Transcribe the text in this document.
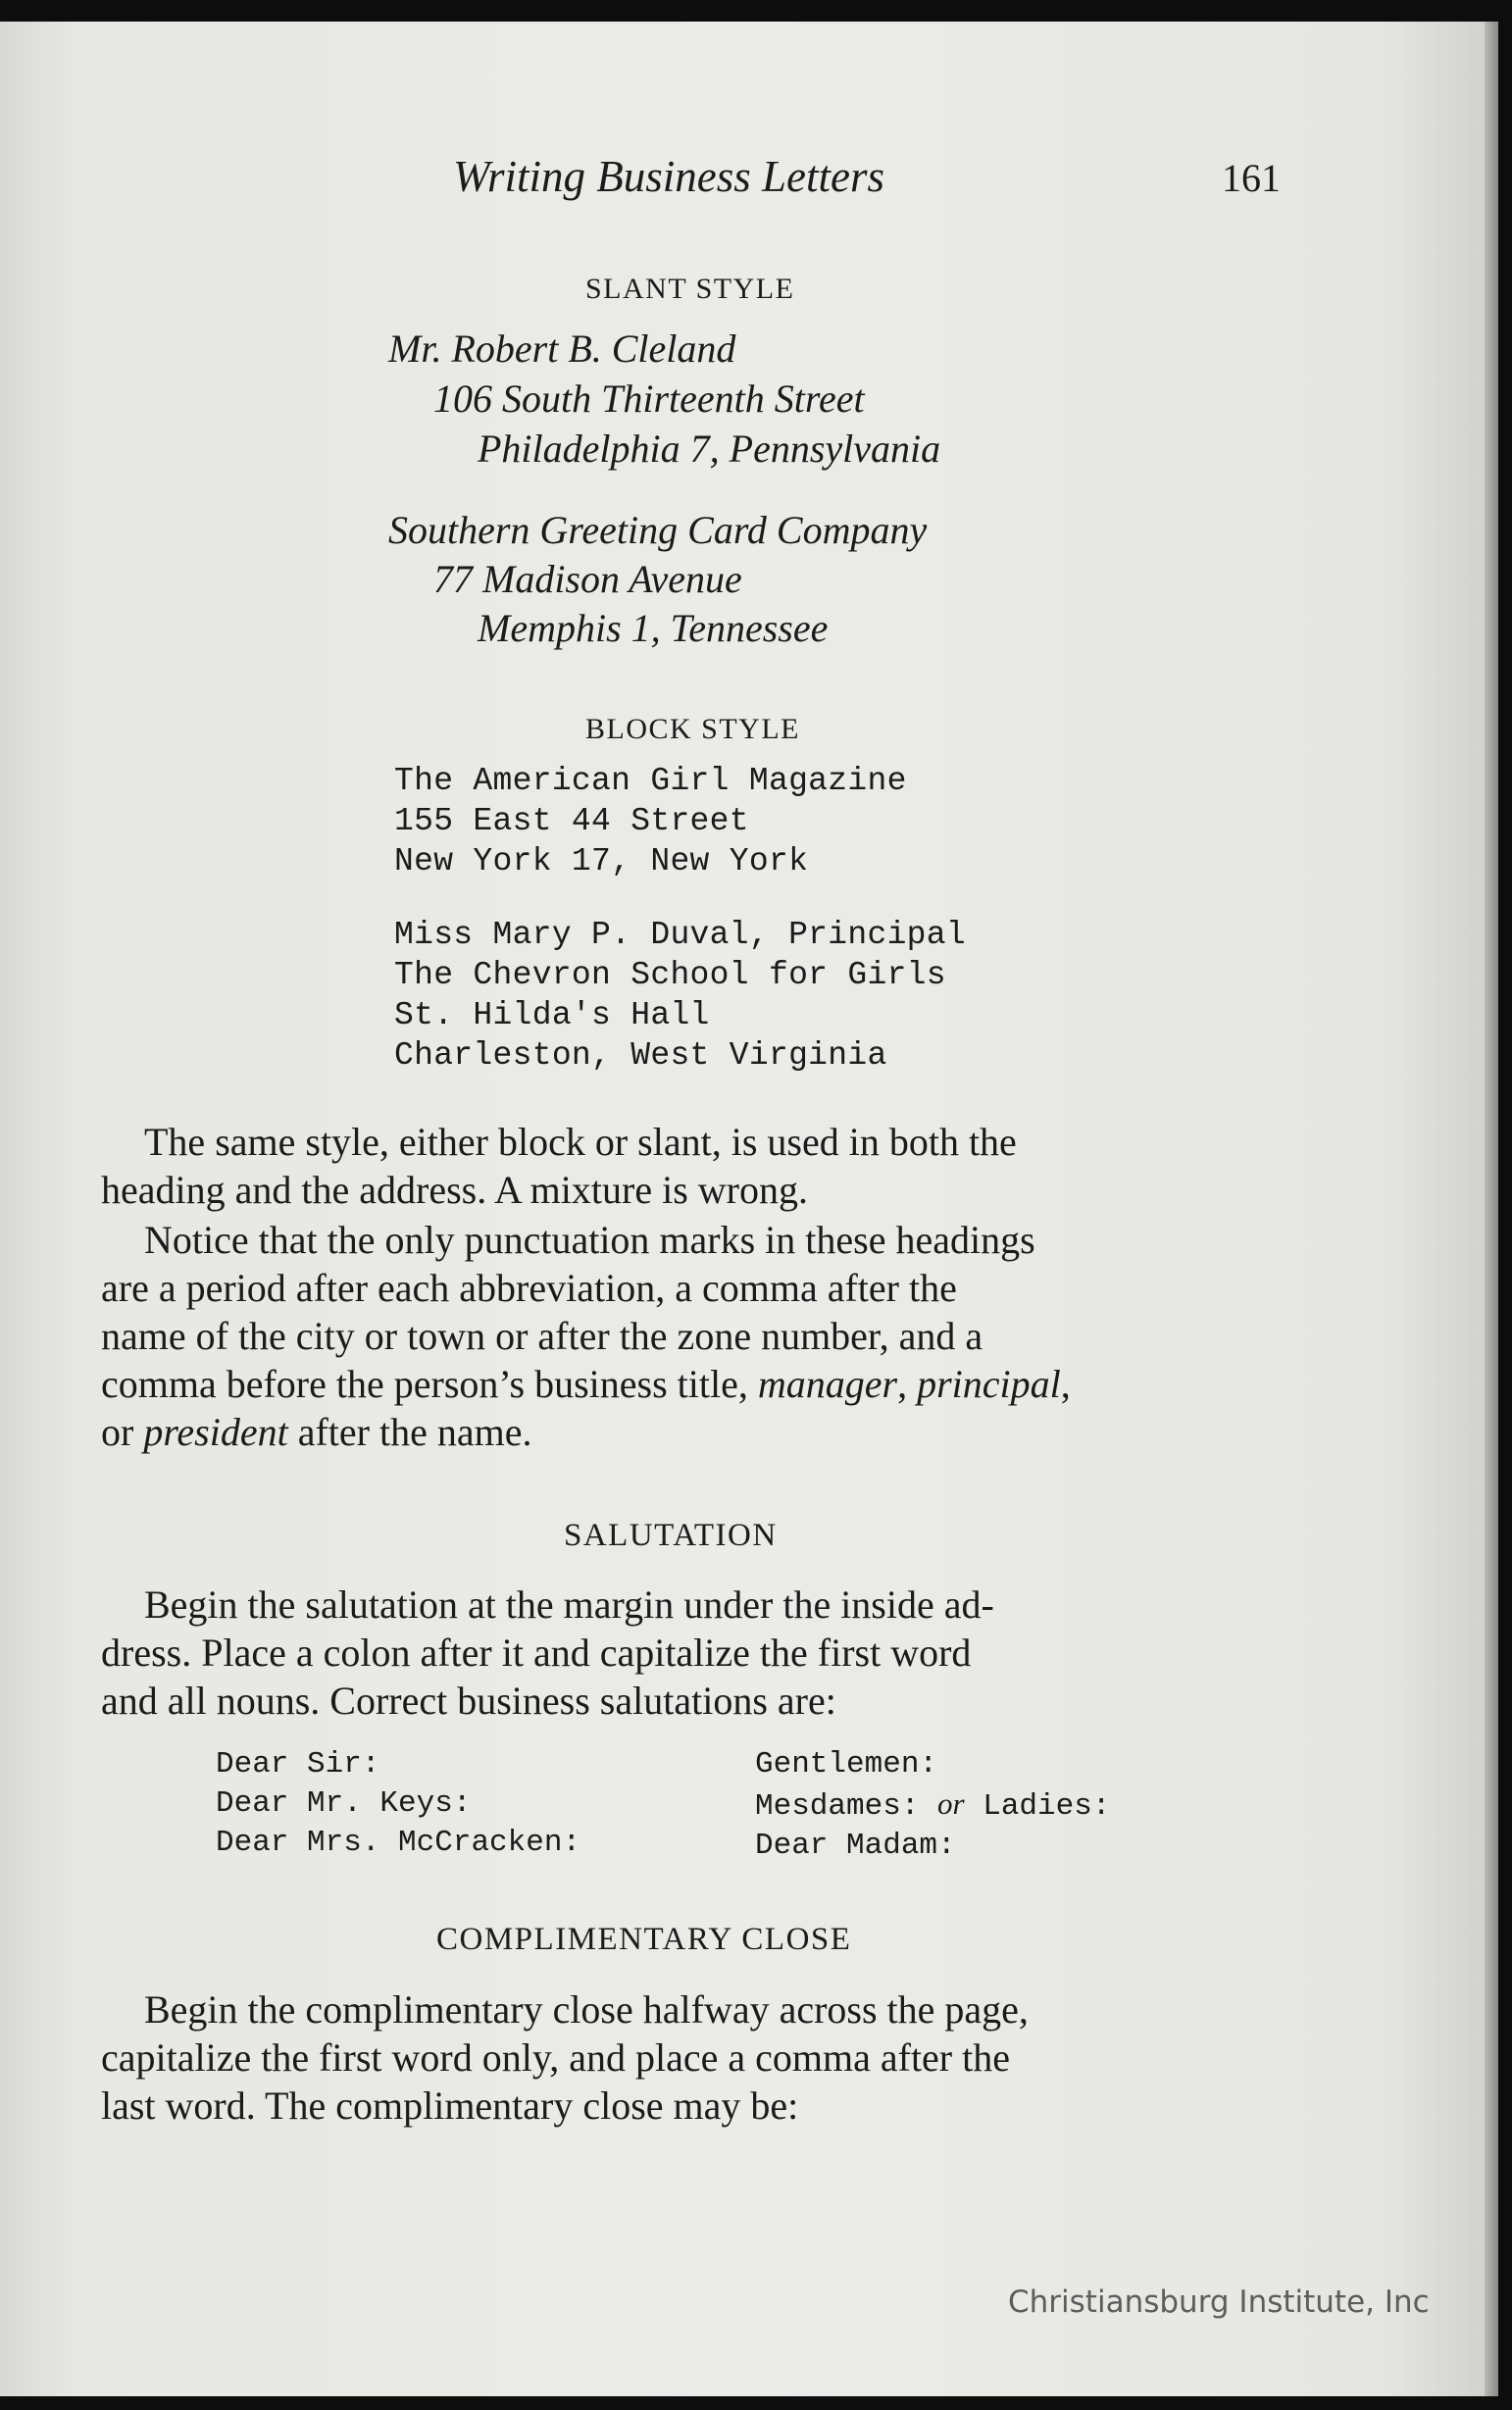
Writing Business Letters	161
SLANT STYLE
Mr. Robert B. Cleland
106 South Thirteenth Street
Philadelphia 7, Pennsylvania
Southern Greeting Card Company
77 Madison Avenue
Memphis 1, Tennessee
BLOCK STYLE
The American Girl Magazine
155 East 44 Street
New York 17, New York
Miss Mary P. Duval, Principal
The Chevron School for Girls
St. Hilda's Hall
Charleston, West Virginia
The same style, either block or slant, is used in both the
heading and the address. A mixture is wrong.
Notice that the only punctuation marks in these headings
are a period after each abbreviation, a comma after the
name of the city or town or after the zone number, and a
comma before the person’s business title, manager, principal,
or president after the name.
SALUTATION
Begin the salutation at the margin under the inside ad-
dress. Place a colon after it and capitalize the first word
and all nouns. Correct business salutations are:
Dear Sir:
Dear Mr. Keys:
Dear Mrs. McCracken:
Gentlemen:
Mesdames: or Ladies:
Dear Madam:
COMPLIMENTARY CLOSE
Begin the complimentary close halfway across the page,
capitalize the first word only, and place a comma after the
last word. The complimentary close may be:
Christiansburg Institute, Inc
